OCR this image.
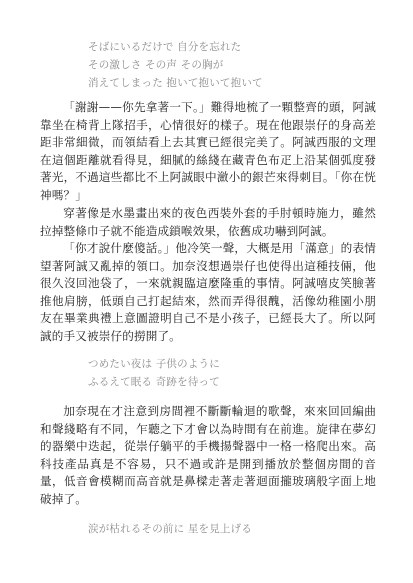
そばにいるだけで 自分を忘れた
その激しさ その声 その胸が
消えてしまった 抱いて抱いて抱いて

「謝謝——你先拿著一下。」難得地梳了一顆整齊的頭，阿誠靠坐在椅背上隊招手，心情很好的樣子。現在他跟崇仔的身高差距非常細微，而領結看上去其實已經很完美了。阿誠西服的文理在這個距離就看得見，細膩的絲綫在藏青色布疋上沿某個弧度發著光，不過這些都比不上阿誠眼中瀲小的銀芒來得刺目。「你在恍神嗎？」

穿著像是水墨畫出來的夜色西裝外套的手肘頓時施力，雖然拉掉整條巾子就不能造成鎖喉效果，依舊成功嚇到阿誠。

「你才說什麼傻話。」他冷笑一聲，大概是用「滿意」的表情望著阿誠又亂掉的領口。加奈沒想過崇仔也使得出這種技倆，他很久沒回池袋了，一來就親臨這麼隆重的事情。阿誠嘻皮笑臉著推他肩膀，低頭自己打起結來，然而弄得很醜，活像幼稚園小朋友在畢業典禮上意圖證明自己不是小孩子，已經長大了。所以阿誠的手又被崇仔的撈開了。

つめたい夜は 子供のように
ふるえて眠る 奇跡を待って

加奈現在才注意到房間裡不斷斷輪迴的歌聲，來來回回編曲和聲綫略有不同，乍聽之下才會以為時間有在前進。旋律在夢幻的器樂中迭起，從崇仔躺平的手機揚聲器中一格一格爬出來。高科技產品真是不容易，只不過或許是開到播放於整個房間的音量，低音會模糊而高音就是鼻樑走著走著迴面攏玻璃般字面上地破掉了。

涙が枯れるその前に 星を見上げる
